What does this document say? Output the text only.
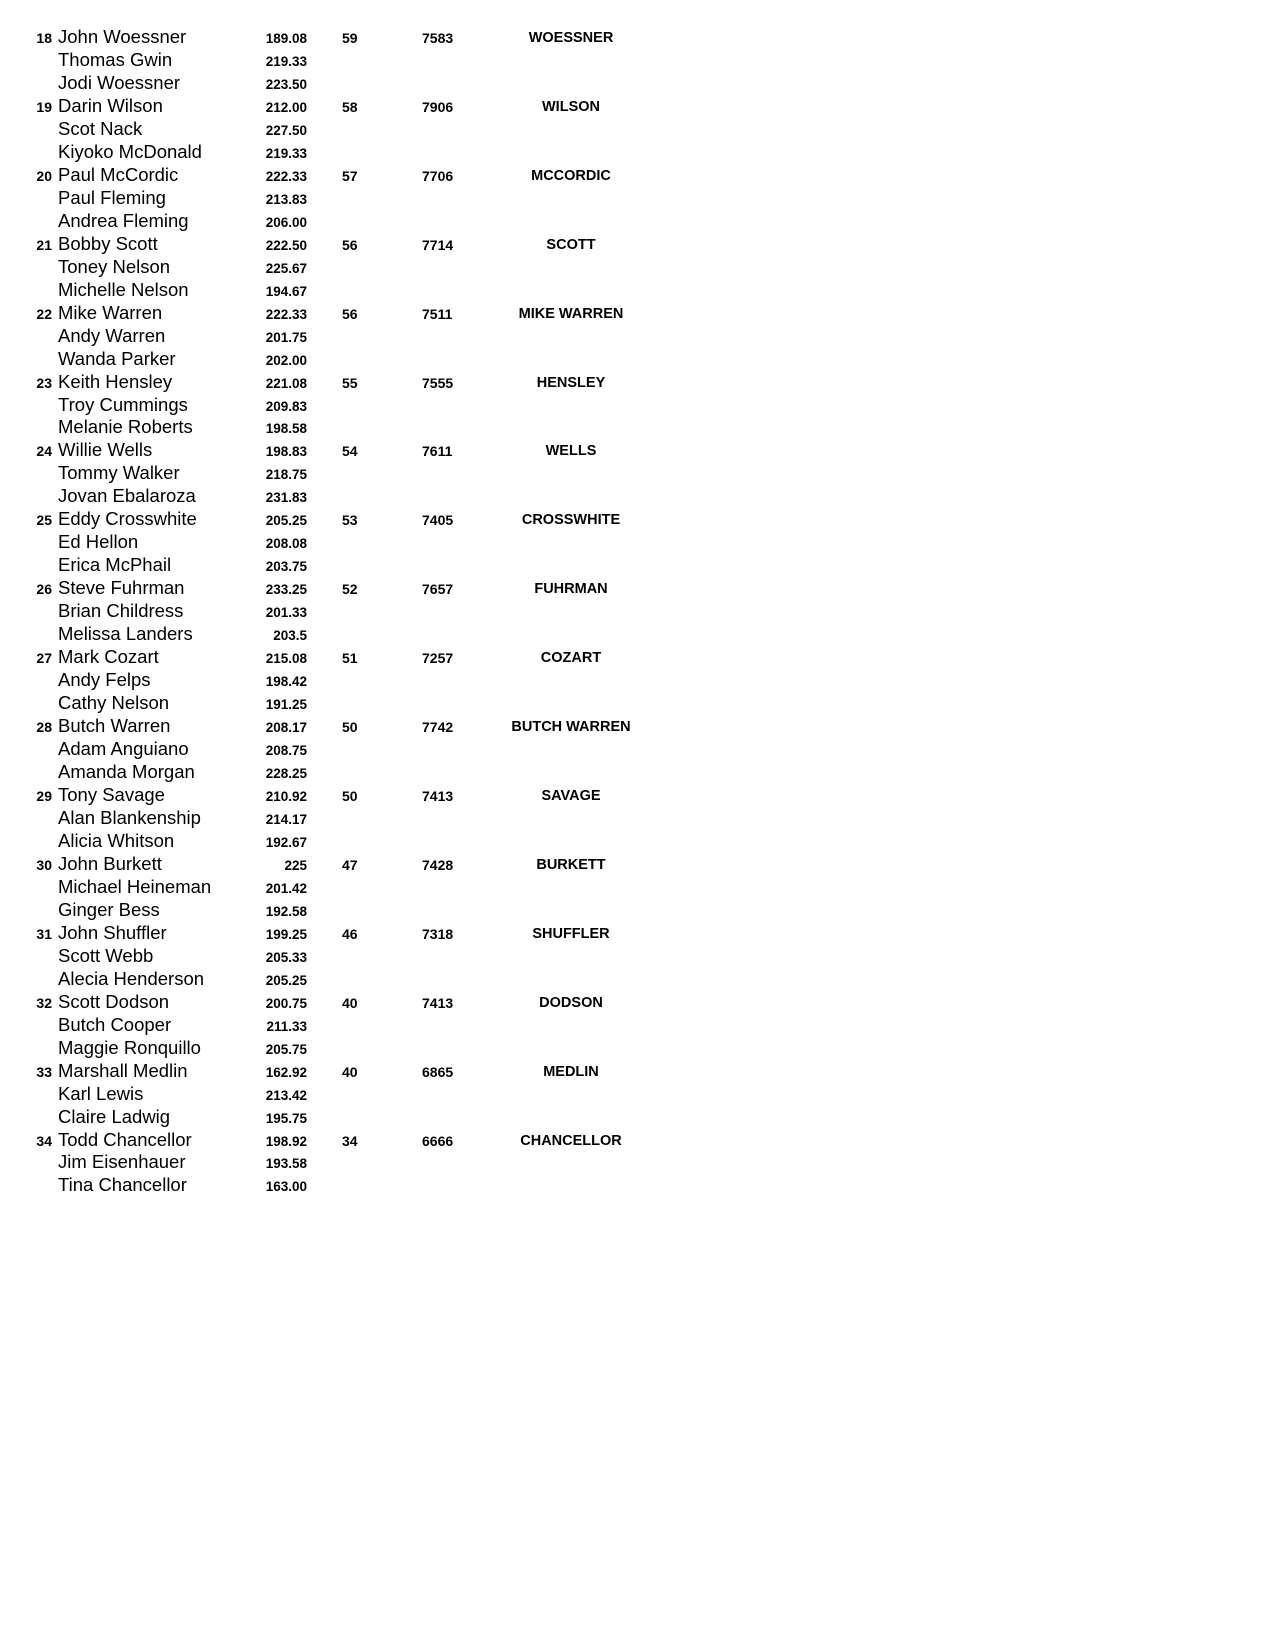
18 John Woessner	189.08	59	7583	WOESSNER
Thomas Gwin	219.33
Jodi Woessner	223.50
19 Darin Wilson	212.00	58	7906	WILSON
Scot Nack	227.50
Kiyoko McDonald	219.33
20 Paul McCordic	222.33	57	7706	MCCORDIC
Paul Fleming	213.83
Andrea Fleming	206.00
21 Bobby Scott	222.50	56	7714	SCOTT
Toney Nelson	225.67
Michelle Nelson	194.67
22 Mike Warren	222.33	56	7511	MIKE WARREN
Andy Warren	201.75
Wanda Parker	202.00
23 Keith Hensley	221.08	55	7555	HENSLEY
Troy Cummings	209.83
Melanie Roberts	198.58
24 Willie Wells	198.83	54	7611	WELLS
Tommy Walker	218.75
Jovan Ebalaroza	231.83
25 Eddy Crosswhite	205.25	53	7405	CROSSWHITE
Ed Hellon	208.08
Erica McPhail	203.75
26 Steve Fuhrman	233.25	52	7657	FUHRMAN
Brian Childress	201.33
Melissa Landers	203.5
27 Mark Cozart	215.08	51	7257	COZART
Andy Felps	198.42
Cathy Nelson	191.25
28 Butch Warren	208.17	50	7742	BUTCH WARREN
Adam Anguiano	208.75
Amanda Morgan	228.25
29 Tony Savage	210.92	50	7413	SAVAGE
Alan Blankenship	214.17
Alicia Whitson	192.67
30 John Burkett	225	47	7428	BURKETT
Michael Heineman	201.42
Ginger Bess	192.58
31 John Shuffler	199.25	46	7318	SHUFFLER
Scott Webb	205.33
Alecia Henderson	205.25
32 Scott Dodson	200.75	40	7413	DODSON
Butch Cooper	211.33
Maggie Ronquillo	205.75
33 Marshall Medlin	162.92	40	6865	MEDLIN
Karl Lewis	213.42
Claire Ladwig	195.75
34 Todd Chancellor	198.92	34	6666	CHANCELLOR
Jim Eisenhauer	193.58
Tina Chancellor	163.00
